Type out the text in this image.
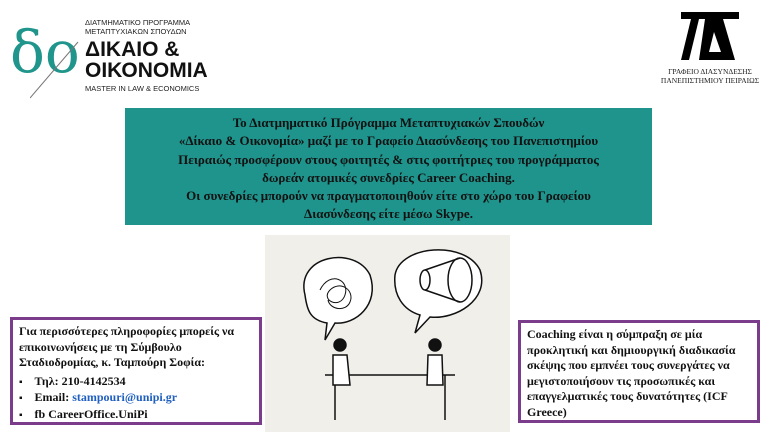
δο ΔΙΑΤΜΗΜΑΤΙΚΟ ΠΡΟΓΡΑΜΜΑ
ΜΕΤΑΠΤΥΧΙΑΚΩΝ ΣΠΟΥΔΩΝ
ΔΙΚΑΙΟ &
ΟΙΚΟΝΟΜΙΑ
MASTER IN LAW & ECONOMICS
ΓΡΑΦΕΙΟ ΔΙΑΣΥΝΔΕΣΗΣ
ΠΑΝΕΠΙΣΤΗΜΙΟΥ ΠΕΙΡΑΙΩΣ
Το Διατμηματικό Πρόγραμμα Μεταπτυχιακών Σπουδών
«Δίκαιο & Οικονομία» μαζί με το Γραφείο Διασύνδεσης του Πανεπιστημίου
Πειραιώς προσφέρουν στους φοιτητές & στις φοιτήτριες του προγράμματος
δωρεάν ατομικές συνεδρίες Career Coaching.
Οι συνεδρίες μπορούν να πραγματοποιηθούν είτε στο χώρο του Γραφείου
Διασύνδεσης είτε μέσω Skype.
Για περισσότερες πληροφορίες μπορείς να επικοινωνήσεις με τη Σύμβουλο Σταδιοδρομίας, κ. Ταμπούρη Σοφία:
▪ Τηλ: 210-4142534
▪ Email: stampouri@unipi.gr
▪ fb CareerOffice.UniPi
Coaching είναι η σύμπραξη σε μία προκλητική και δημιουργική διαδικασία σκέψης που εμπνέει τους συνεργάτες να μεγιστοποιήσουν τις προσωπικές και επαγγελματικές τους δυνατότητες (ICF Greece)
